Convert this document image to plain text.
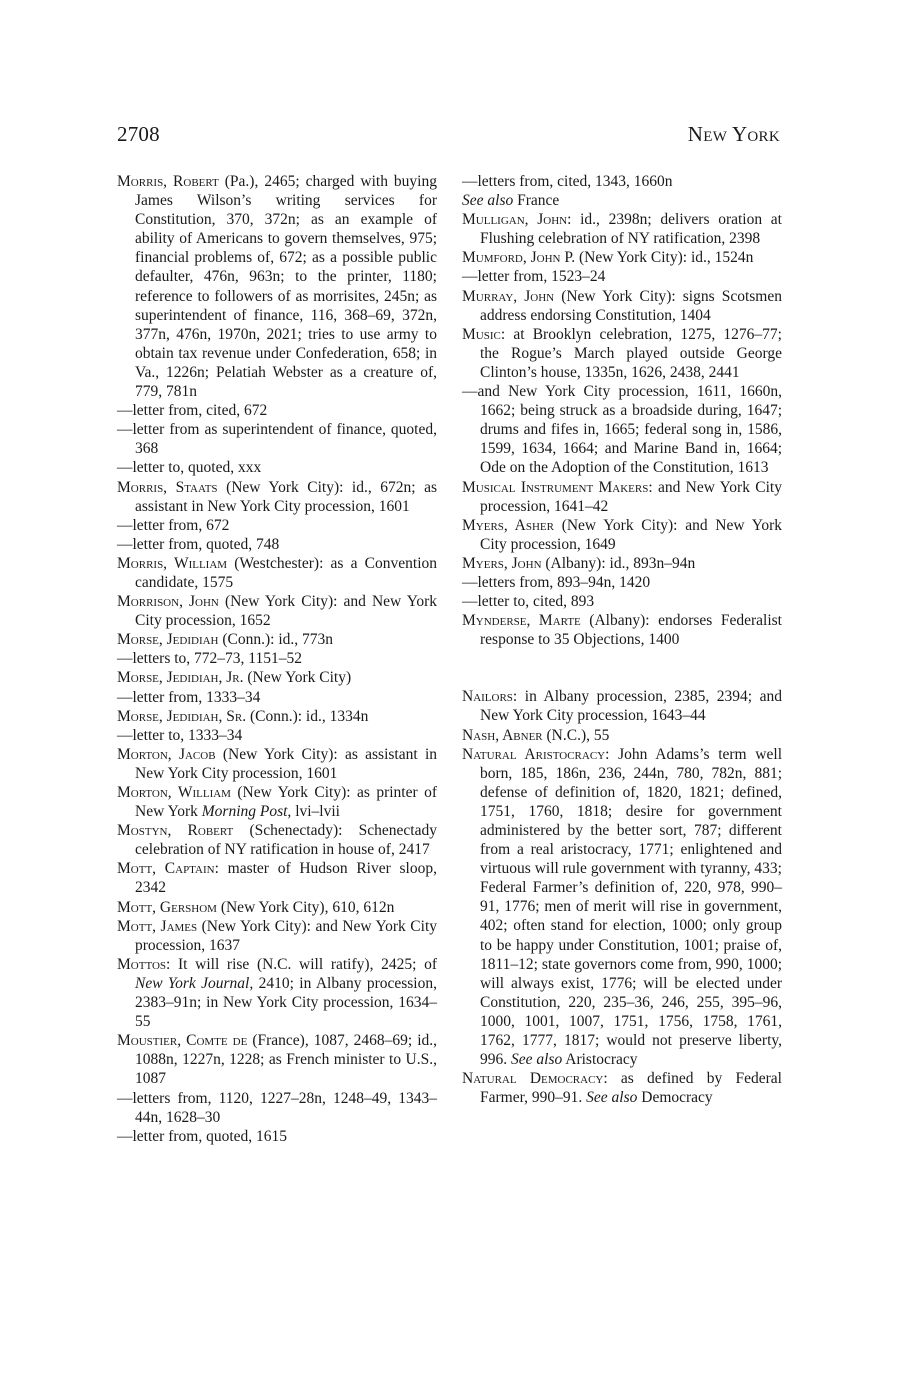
2708	New York

Morris, Robert (Pa.), 2465; charged with buying James Wilson’s writing services for Constitution, 370, 372n; as an example of ability of Americans to govern themselves, 975; financial problems of, 672; as a possible public defaulter, 476n, 963n; to the printer, 1180; reference to followers of as morrisites, 245n; as superintendent of finance, 116, 368–69, 372n, 377n, 476n, 1970n, 2021; tries to use army to obtain tax revenue under Confederation, 658; in Va., 1226n; Pelatiah Webster as a creature of, 779, 781n

—letter from, cited, 672

—letter from as superintendent of finance, quoted, 368

—letter to, quoted, xxx

Morris, Staats (New York City): id., 672n; as assistant in New York City procession, 1601

—letter from, 672

—letter from, quoted, 748

Morris, William (Westchester): as a Convention candidate, 1575

Morrison, John (New York City): and New York City procession, 1652

Morse, Jedidiah (Conn.): id., 773n

—letters to, 772–73, 1151–52

Morse, Jedidiah, Jr. (New York City)

—letter from, 1333–34

Morse, Jedidiah, Sr. (Conn.): id., 1334n

—letter to, 1333–34

Morton, Jacob (New York City): as assistant in New York City procession, 1601

Morton, William (New York City): as printer of New York Morning Post, lvi–lvii

Mostyn, Robert (Schenectady): Schenectady celebration of NY ratification in house of, 2417

Mott, Captain: master of Hudson River sloop, 2342

Mott, Gershom (New York City), 610, 612n

Mott, James (New York City): and New York City procession, 1637

Mottos: It will rise (N.C. will ratify), 2425; of New York Journal, 2410; in Albany procession, 2383–91n; in New York City procession, 1634–55

Moustier, Comte de (France), 1087, 2468–69; id., 1088n, 1227n, 1228; as French minister to U.S., 1087

—letters from, 1120, 1227–28n, 1248–49, 1343–44n, 1628–30

—letter from, quoted, 1615

—letters from, cited, 1343, 1660n

See also France

Mulligan, John: id., 2398n; delivers oration at Flushing celebration of NY ratification, 2398

Mumford, John P. (New York City): id., 1524n

—letter from, 1523–24

Murray, John (New York City): signs Scotsmen address endorsing Constitution, 1404

Music: at Brooklyn celebration, 1275, 1276–77; the Rogue’s March played outside George Clinton’s house, 1335n, 1626, 2438, 2441

—and New York City procession, 1611, 1660n, 1662; being struck as a broadside during, 1647; drums and fifes in, 1665; federal song in, 1586, 1599, 1634, 1664; and Marine Band in, 1664; Ode on the Adoption of the Constitution, 1613

Musical Instrument Makers: and New York City procession, 1641–42

Myers, Asher (New York City): and New York City procession, 1649

Myers, John (Albany): id., 893n–94n

—letters from, 893–94n, 1420

—letter to, cited, 893

Mynderse, Marte (Albany): endorses Federalist response to 35 Objections, 1400

Nailors: in Albany procession, 2385, 2394; and New York City procession, 1643–44

Nash, Abner (N.C.), 55

Natural Aristocracy: John Adams’s term well born, 185, 186n, 236, 244n, 780, 782n, 881; defense of definition of, 1820, 1821; defined, 1751, 1760, 1818; desire for government administered by the better sort, 787; different from a real aristocracy, 1771; enlightened and virtuous will rule government with tyranny, 433; Federal Farmer’s definition of, 220, 978, 990–91, 1776; men of merit will rise in government, 402; often stand for election, 1000; only group to be happy under Constitution, 1001; praise of, 1811–12; state governors come from, 990, 1000; will always exist, 1776; will be elected under Constitution, 220, 235–36, 246, 255, 395–96, 1000, 1001, 1007, 1751, 1756, 1758, 1761, 1762, 1777, 1817; would not preserve liberty, 996. See also Aristocracy

Natural Democracy: as defined by Federal Farmer, 990–91. See also Democracy
